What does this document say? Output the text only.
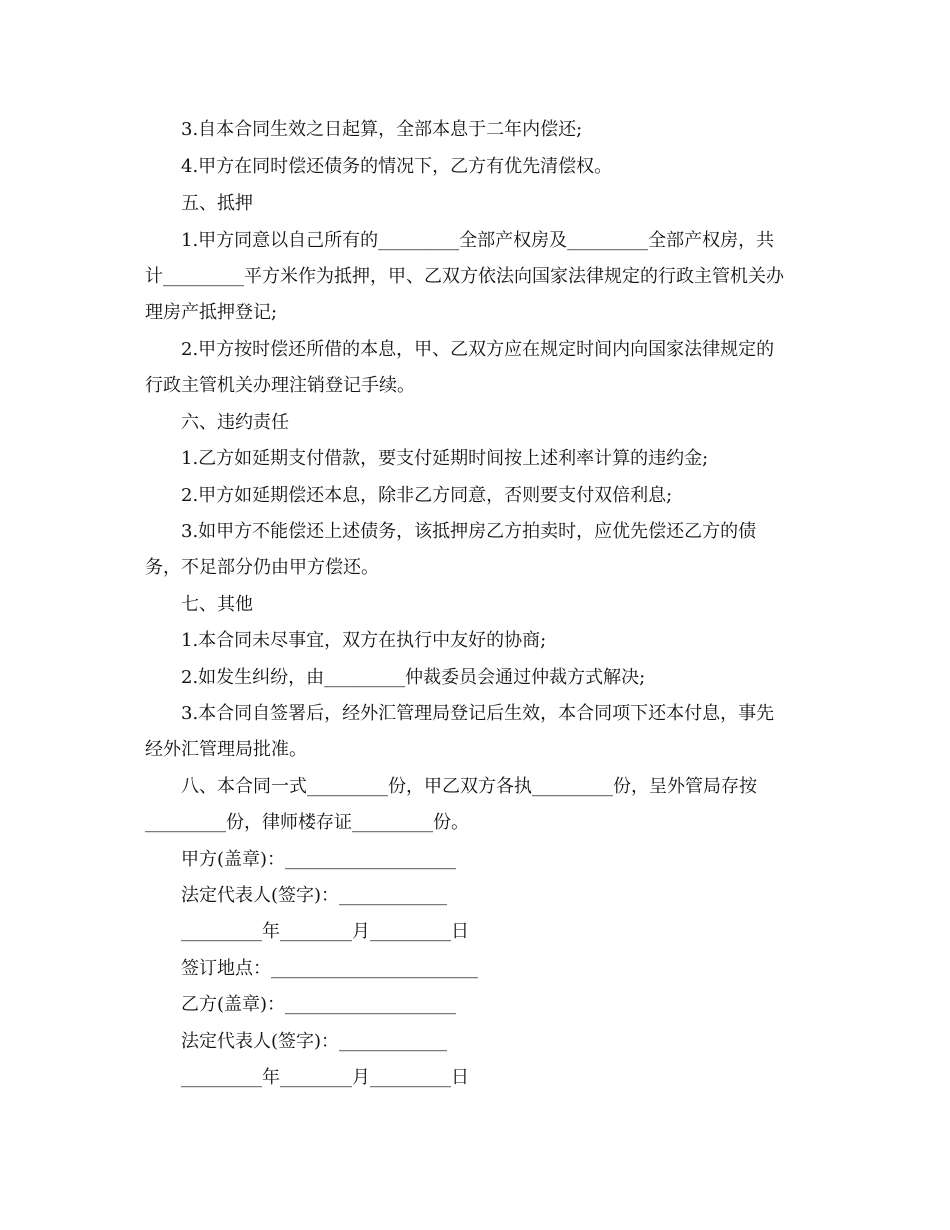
3.自本合同生效之日起算，全部本息于二年内偿还;
4.甲方在同时偿还债务的情况下，乙方有优先清偿权。
五、抵押
1.甲方同意以自己所有的_________全部产权房及_________全部产权房，共
计_________平方米作为抵押，甲、乙双方依法向国家法律规定的行政主管机关办
理房产抵押登记;
2.甲方按时偿还所借的本息，甲、乙双方应在规定时间内向国家法律规定的
行政主管机关办理注销登记手续。
六、违约责任
1.乙方如延期支付借款，要支付延期时间按上述利率计算的违约金;
2.甲方如延期偿还本息，除非乙方同意，否则要支付双倍利息;
3.如甲方不能偿还上述债务，该抵押房乙方拍卖时，应优先偿还乙方的债
务，不足部分仍由甲方偿还。
七、其他
1.本合同未尽事宜，双方在执行中友好的协商;
2.如发生纠纷，由_________仲裁委员会通过仲裁方式解决;
3.本合同自签署后，经外汇管理局登记后生效，本合同项下还本付息，事先
经外汇管理局批准。
八、本合同一式_________份，甲乙双方各执_________份，呈外管局存按
_________份，律师楼存证_________份。
甲方(盖章)：___________________
法定代表人(签字)：____________
_________年________月_________日
签订地点：_______________________
乙方(盖章)：___________________
法定代表人(签字)：____________
_________年________月_________日
